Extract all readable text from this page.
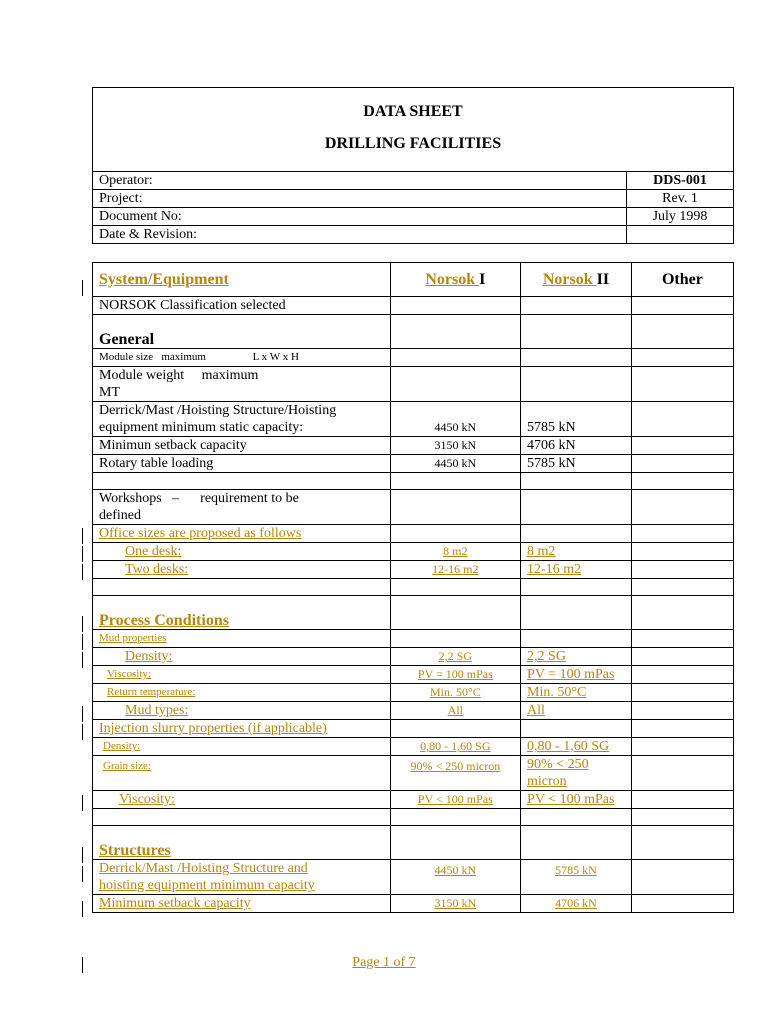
DATA SHEET
DRILLING FACILITIES
Operator:	DDS-001
Project:	Rev. 1
Document No:	July 1998
Date & Revision:	
System/Equipment	Norsok I	Norsok II	Other
NORSOK Classification selected			
General			
Module size   maximum                 L x W x H			

Module weight     maximum
MT			

Derrick/Mast /Hoisting Structure/Hoisting
equipment minimum static capacity:	4450 kN	5785 kN	
Minimun setback capacity	3150 kN	4706 kN	
Rotary table loading	4450 kN	5785 kN	

Workshops   –      requirement to be
defined			

Office sizes are proposed as follows			
One desk:	8 m2	8 m2	
Two desks:	12-16 m2	12-16 m2	

Process Conditions			
Mud properties			
Density:	2,2 SG	2,2 SG	
Viscosity:	PV = 100 mPas	PV = 100 mPas	
Return temperature:	Min. 50°C	Min. 50°C	
Mud types:	All	All	
Injection slurry properties (if applicable)			
Density:	0,80 - 1,60 SG	0,80 - 1,60 SG	
Grain size:	90% < 250 micron	90% < 250
micron	

Viscosity:	PV < 100 mPas	PV < 100 mPas	

Structures			

Derrick/Mast /Hoisting Structure and
hoisting equipment minimum capacity	4450 kN	5785 kN	
Minimum setback capacity	3150 kN	4706 kN	
Page 1 of 7
